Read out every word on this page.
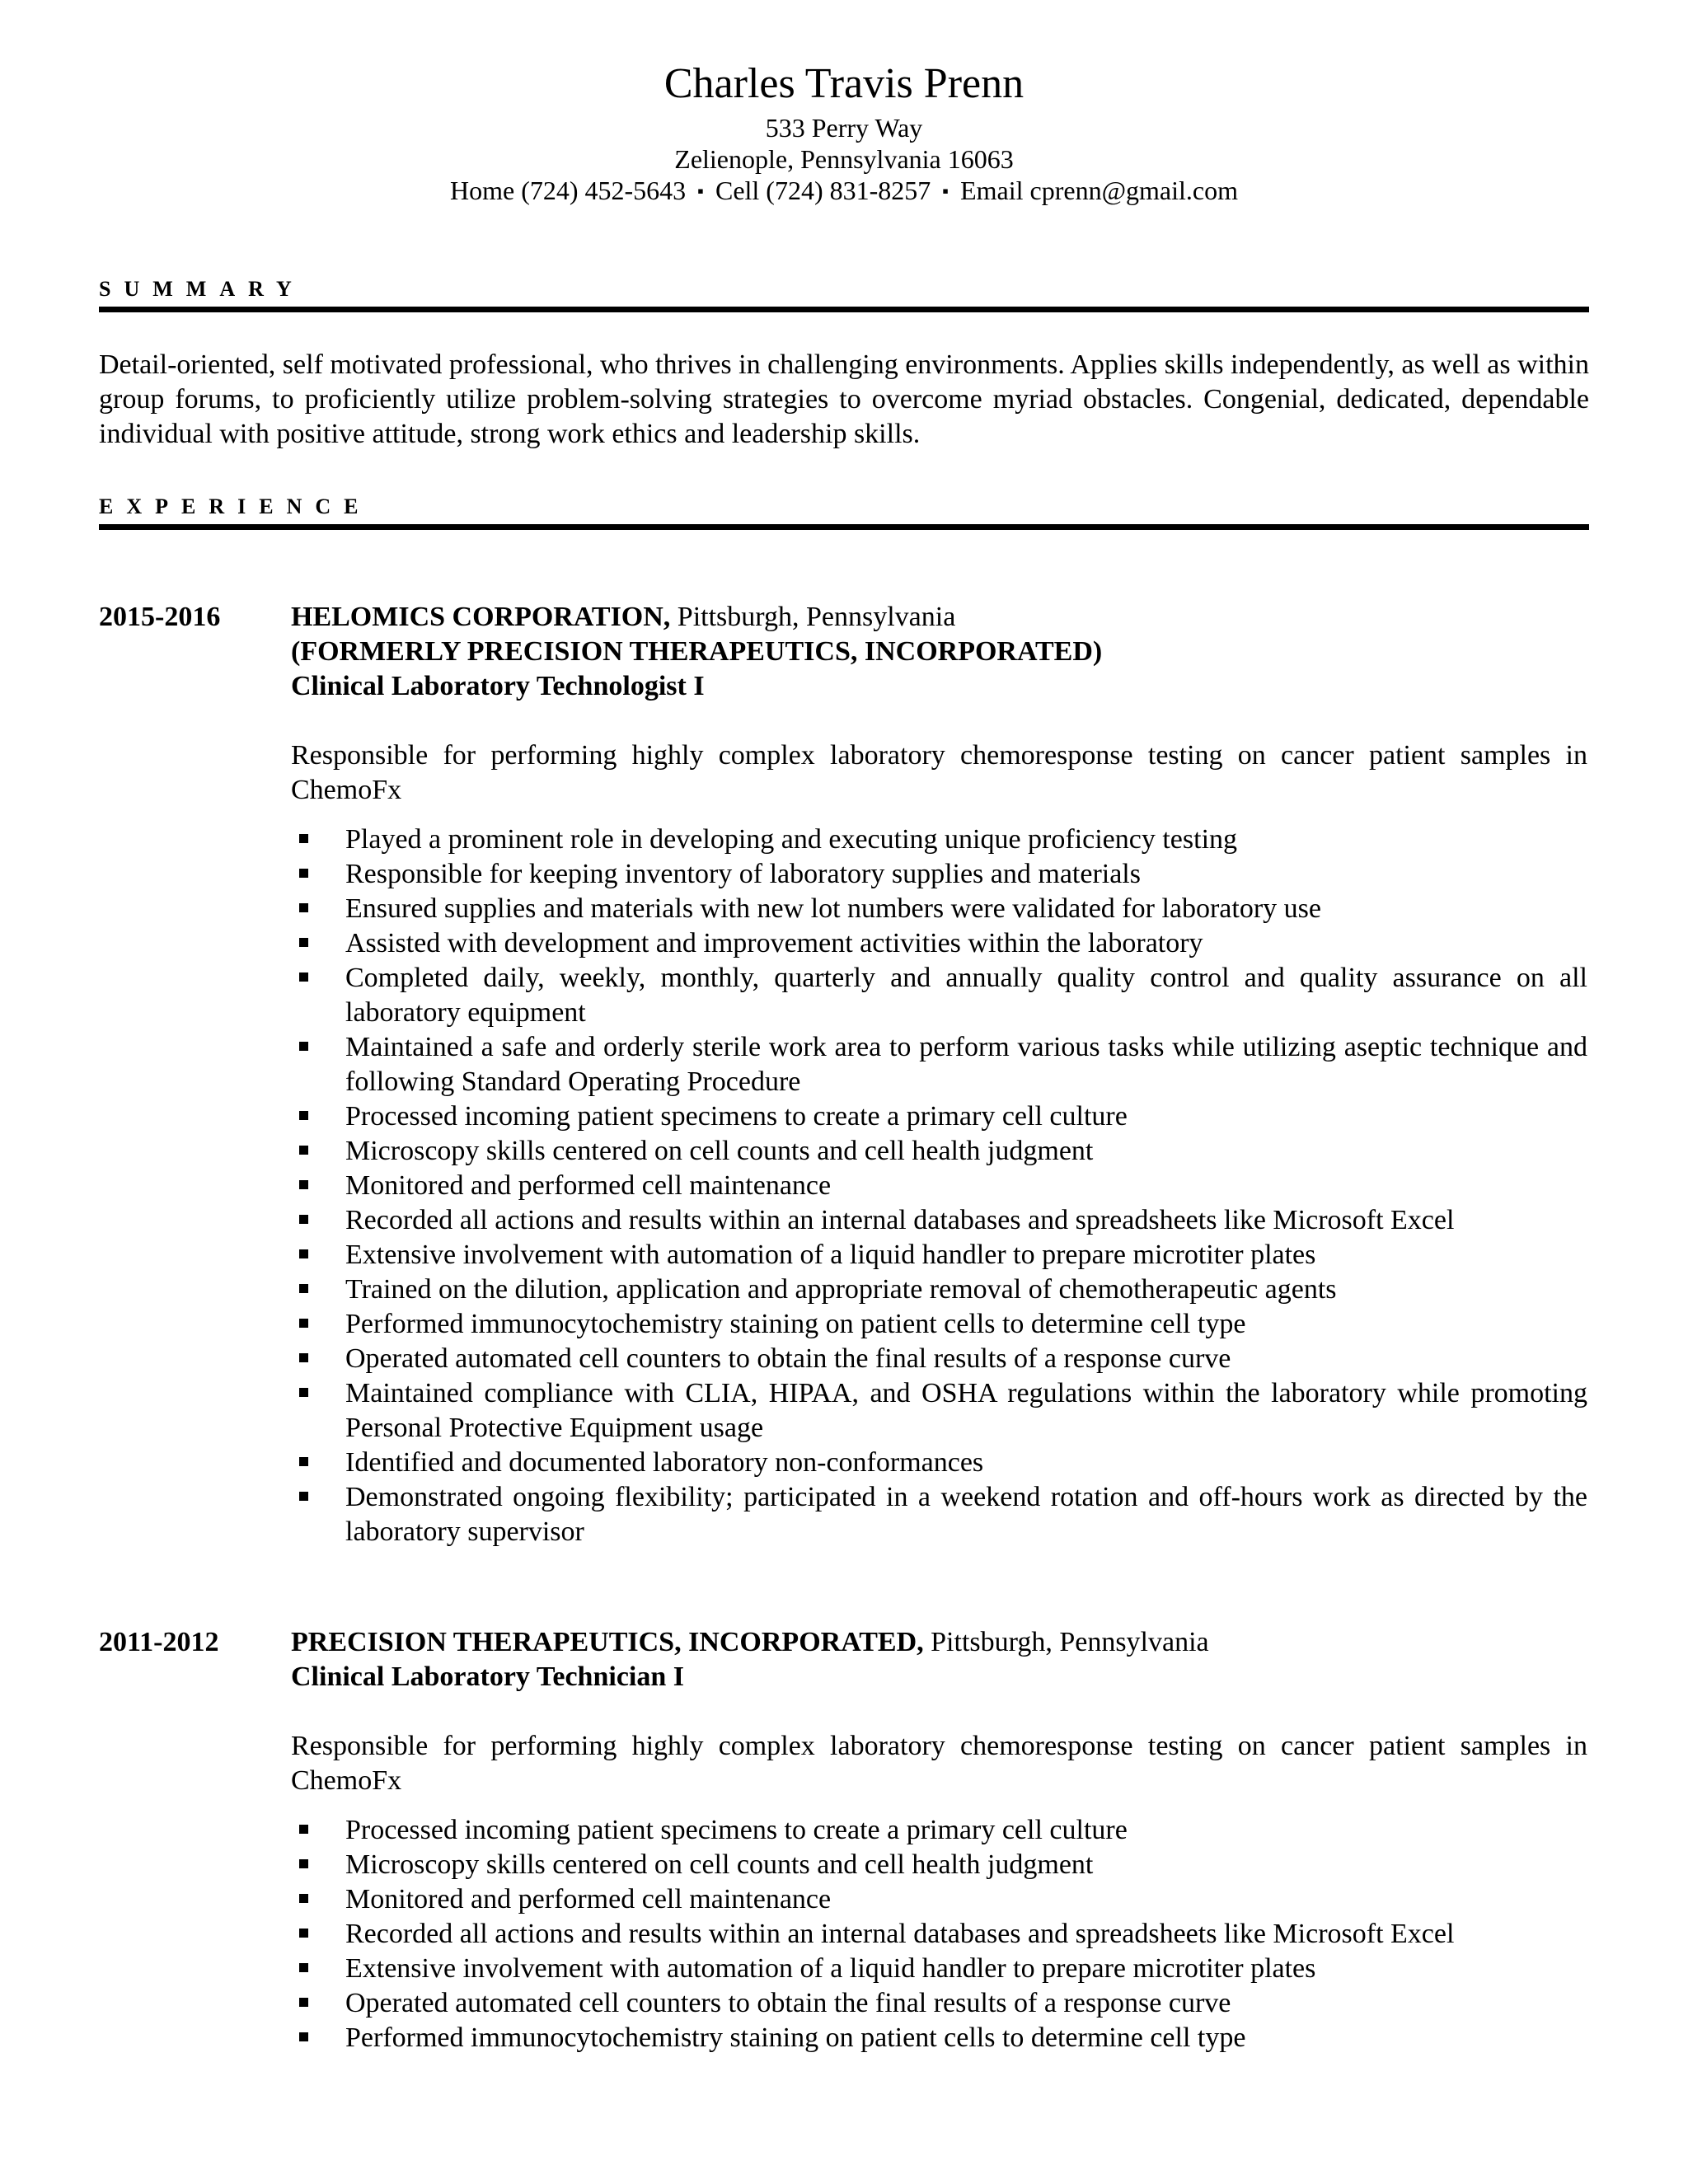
Charles Travis Prenn

533 Perry Way

Zelienople, Pennsylvania 16063

Home (724) 452-5643 ▪ Cell (724) 831-8257 ▪ Email cprenn@gmail.com

SUMMARY

Detail-oriented, self motivated professional, who thrives in challenging environments. Applies skills independently, as well as within group forums, to proficiently utilize problem-solving strategies to overcome myriad obstacles. Congenial, dedicated, dependable individual with positive attitude, strong work ethics and leadership skills.

EXPERIENCE
2015-2016	HELOMICS CORPORATION, Pittsburgh, Pennsylvania

(FORMERLY PRECISION THERAPEUTICS, INCORPORATED)

Clinical Laboratory Technologist I

Responsible for performing highly complex laboratory chemoresponse testing on cancer patient samples in ChemoFx

Played a prominent role in developing and executing unique proficiency testing
Responsible for keeping inventory of laboratory supplies and materials
Ensured supplies and materials with new lot numbers were validated for laboratory use
Assisted with development and improvement activities within the laboratory
Completed daily, weekly, monthly, quarterly and annually quality control and quality assurance on all laboratory equipment
Maintained a safe and orderly sterile work area to perform various tasks while utilizing aseptic technique and following Standard Operating Procedure
Processed incoming patient specimens to create a primary cell culture
Microscopy skills centered on cell counts and cell health judgment
Monitored and performed cell maintenance
Recorded all actions and results within an internal databases and spreadsheets like Microsoft Excel
Extensive involvement with automation of a liquid handler to prepare microtiter plates
Trained on the dilution, application and appropriate removal of chemotherapeutic agents
Performed immunocytochemistry staining on patient cells to determine cell type
Operated automated cell counters to obtain the final results of a response curve
Maintained compliance with CLIA, HIPAA, and OSHA regulations within the laboratory while promoting Personal Protective Equipment usage
Identified and documented laboratory non-conformances
Demonstrated ongoing flexibility; participated in a weekend rotation and off-hours work as directed by the laboratory supervisor
2011-2012	PRECISION THERAPEUTICS, INCORPORATED, Pittsburgh, Pennsylvania

Clinical Laboratory Technician I

Responsible for performing highly complex laboratory chemoresponse testing on cancer patient samples in ChemoFx

Processed incoming patient specimens to create a primary cell culture
Microscopy skills centered on cell counts and cell health judgment
Monitored and performed cell maintenance
Recorded all actions and results within an internal databases and spreadsheets like Microsoft Excel
Extensive involvement with automation of a liquid handler to prepare microtiter plates
Operated automated cell counters to obtain the final results of a response curve
Performed immunocytochemistry staining on patient cells to determine cell type
